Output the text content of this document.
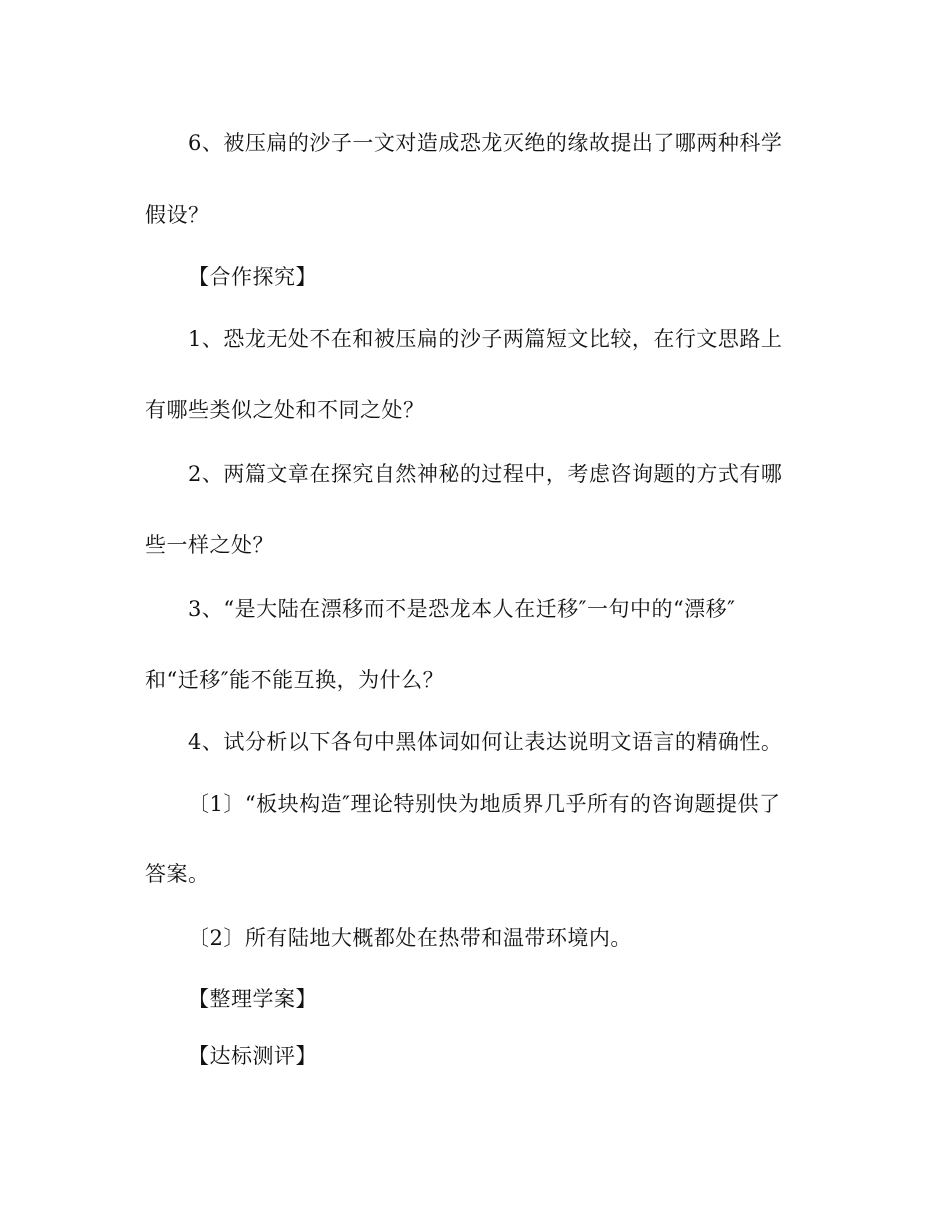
6、被压扁的沙子一文对造成恐龙灭绝的缘故提出了哪两种科学
假设？
【合作探究】
1、恐龙无处不在和被压扁的沙子两篇短文比较，在行文思路上
有哪些类似之处和不同之处？
2、两篇文章在探究自然神秘的过程中，考虑咨询题的方式有哪
些一样之处？
3、“是大陆在漂移而不是恐龙本人在迁移″一句中的“漂移″
和“迁移″能不能互换，为什么？
4、试分析以下各句中黑体词如何让表达说明文语言的精确性。
〔1〕“板块构造″理论特别快为地质界几乎所有的咨询题提供了
答案。
〔2〕所有陆地大概都处在热带和温带环境内。
【整理学案】
【达标测评】
